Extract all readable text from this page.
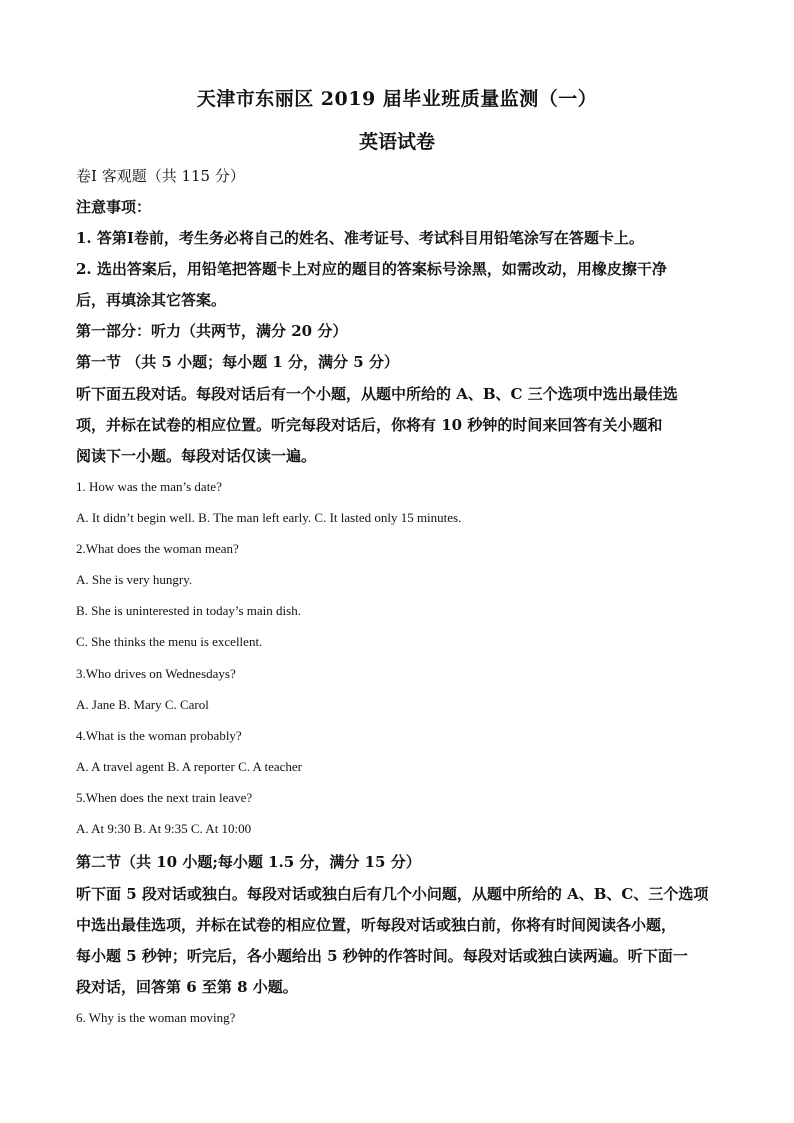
天津市东丽区 2019 届毕业班质量监测（一）
英语试卷
卷Ⅰ 客观题（共 115 分）
注意事项：
1. 答第Ⅰ卷前，考生务必将自己的姓名、准考证号、考试科目用铅笔涂写在答题卡上。
2. 选出答案后，用铅笔把答题卡上对应的题目的答案标号涂黑，如需改动，用橡皮擦干净
后，再填涂其它答案。
第一部分：听力（共两节，满分 20 分）
第一节 （共 5 小题；每小题 1 分，满分 5 分）
听下面五段对话。每段对话后有一个小题，从题中所给的 A、B、C 三个选项中选出最佳选
项，并标在试卷的相应位置。听完每段对话后，你将有 10 秒钟的时间来回答有关小题和
阅读下一小题。每段对话仅读一遍。
1. How was the man’s date?
A. It didn’t begin well. B. The man left early. C. It lasted only 15 minutes.
2.What does the woman mean?
A. She is very hungry.
B. She is uninterested in today’s main dish.
C. She thinks the menu is excellent.
3.Who drives on Wednesdays?
A. Jane B. Mary C. Carol
4.What is the woman probably?
A. A travel agent B. A reporter C. A teacher
5.When does the next train leave?
A. At 9:30 B. At 9:35 C. At 10:00
第二节（共 10 小题;每小题 1.5 分，满分 15 分）
听下面 5 段对话或独白。每段对话或独白后有几个小问题，从题中所给的 A、B、C、三个选项
中选出最佳选项，并标在试卷的相应位置，听每段对话或独白前，你将有时间阅读各小题，
每小题 5 秒钟；听完后，各小题给出 5 秒钟的作答时间。每段对话或独白读两遍。听下面一
段对话，回答第 6 至第 8 小题。
6. Why is the woman moving?
